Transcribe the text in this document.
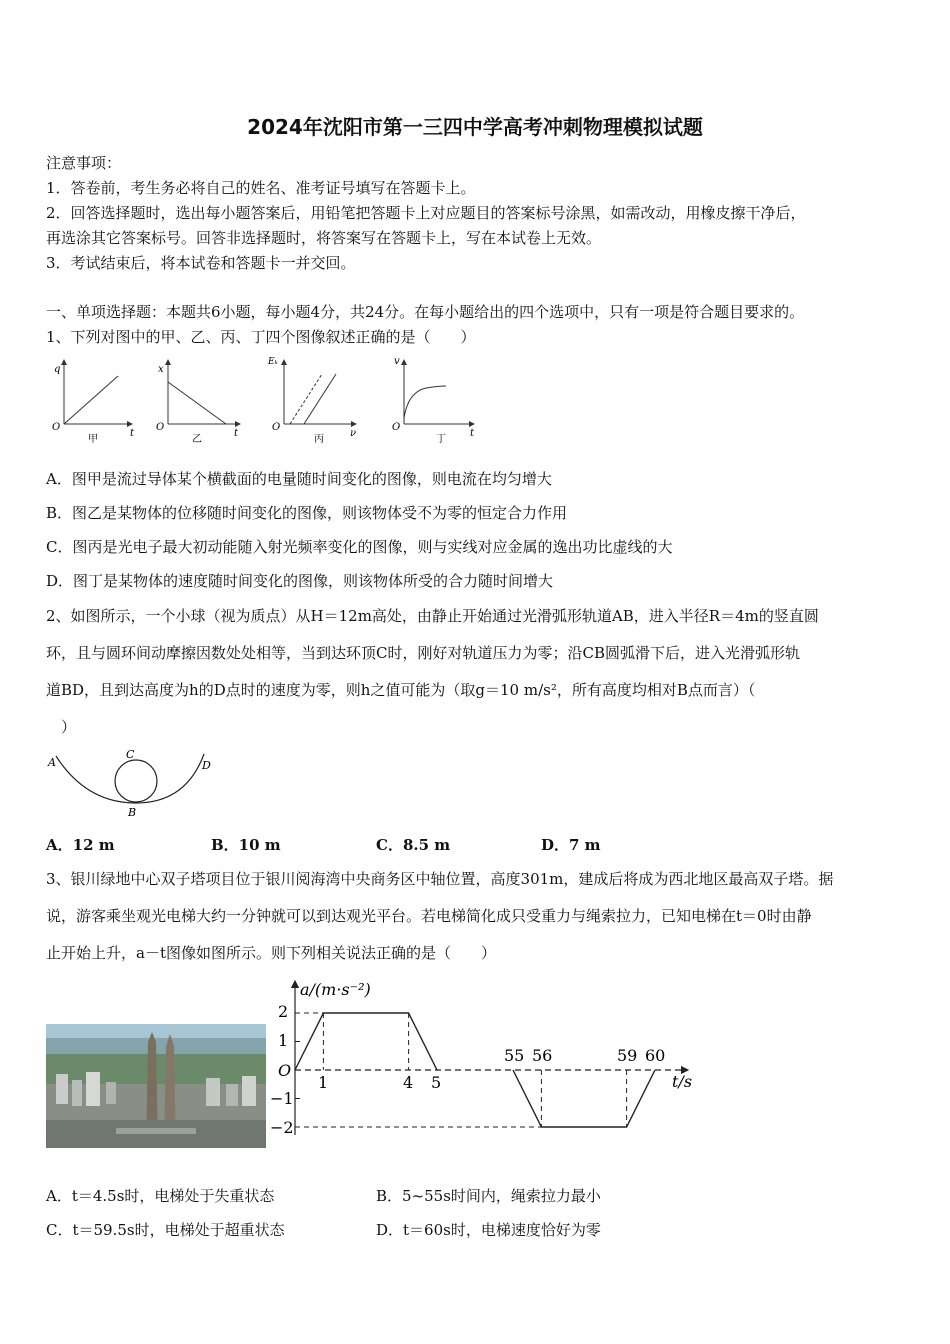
2024年沈阳市第一三四中学高考冲刺物理模拟试题
注意事项：
1．答卷前，考生务必将自己的姓名、准考证号填写在答题卡上。
2．回答选择题时，选出每小题答案后，用铅笔把答题卡上对应题目的答案标号涂黑，如需改动，用橡皮擦干净后，
再选涂其它答案标号。回答非选择题时，将答案写在答题卡上，写在本试卷上无效。
3．考试结束后，将本试卷和答题卡一并交回。
一、单项选择题：本题共6小题，每小题4分，共24分。在每小题给出的四个选项中，只有一项是符合题目要求的。
1、下列对图中的甲、乙、丙、丁四个图像叙述正确的是（　　）
q
t
O
甲
x
t
O
乙
Eₖ
ν
O
丙
v
t
O
丁
A．图甲是流过导体某个横截面的电量随时间变化的图像，则电流在均匀增大
B．图乙是某物体的位移随时间变化的图像，则该物体受不为零的恒定合力作用
C．图丙是光电子最大初动能随入射光频率变化的图像，则与实线对应金属的逸出功比虚线的大
D．图丁是某物体的速度随时间变化的图像，则该物体所受的合力随时间增大
2、如图所示，一个小球（视为质点）从H＝12m高处，由静止开始通过光滑弧形轨道AB，进入半径R＝4m的竖直圆
环，且与圆环间动摩擦因数处处相等，当到达环顶C时，刚好对轨道压力为零；沿CB圆弧滑下后，进入光滑弧形轨
道BD，且到达高度为h的D点时的速度为零，则h之值可能为（取g＝10 m/s²，所有高度均相对B点而言）（
　）
A
C
D
B
A．12 m	B．10 m	C．8.5 m	D．7 m
3、银川绿地中心双子塔项目位于银川阅海湾中央商务区中轴位置，高度301m，建成后将成为西北地区最高双子塔。据
说，游客乘坐观光电梯大约一分钟就可以到达观光平台。若电梯简化成只受重力与绳索拉力，已知电梯在t＝0时由静
止开始上升，a－t图像如图所示。则下列相关说法正确的是（　　）
a/(m·s⁻²)
t/s
O
2
1
−1
−2
1	4 5
55 56	59 60
A．t＝4.5s时，电梯处于失重状态	B．5~55s时间内，绳索拉力最小
C．t＝59.5s时，电梯处于超重状态	D．t＝60s时，电梯速度恰好为零
